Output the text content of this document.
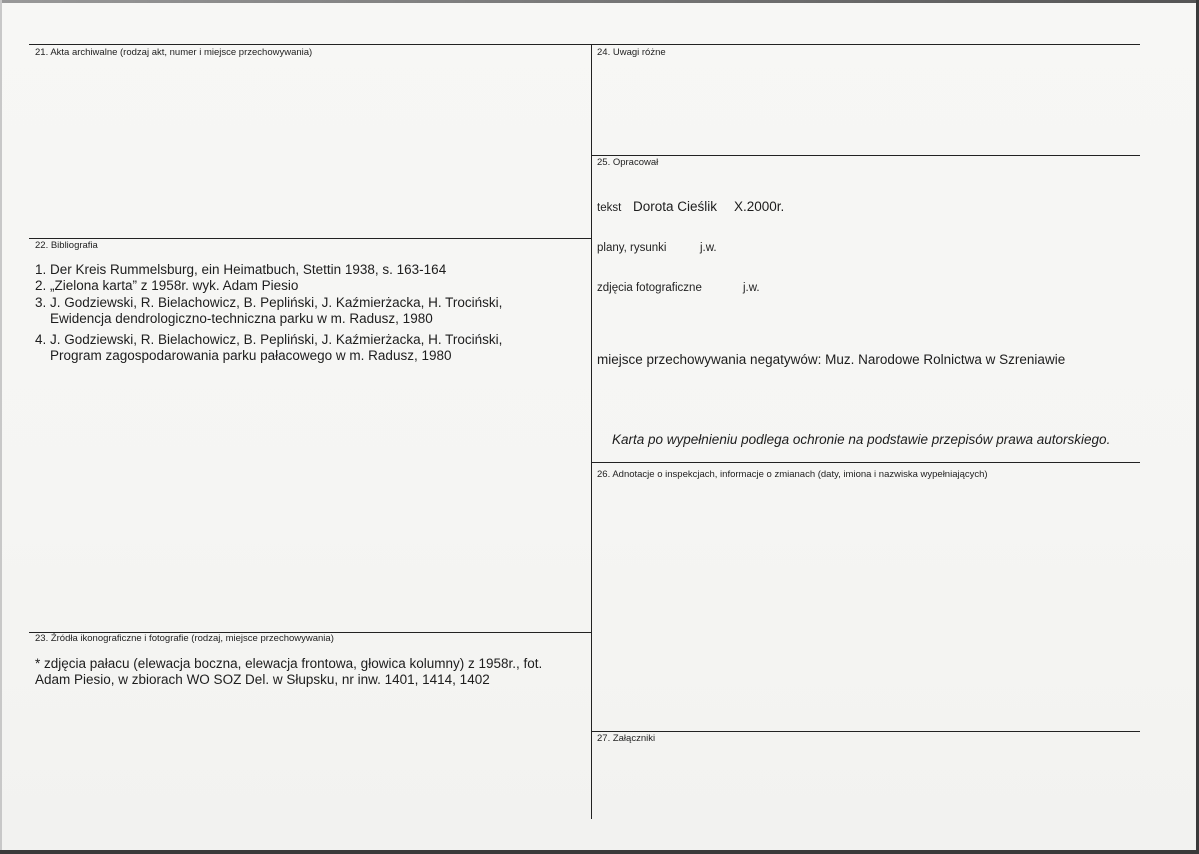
21. Akta archiwalne (rodzaj akt, numer i miejsce przechowywania)
22. Bibliografia
1. Der Kreis Rummelsburg, ein Heimatbuch, Stettin 1938, s. 163-164
2. „Zielona karta” z 1958r. wyk. Adam Piesio
3. J. Godziewski, R. Bielachowicz, B. Pepliński, J. Kaźmierżacka, H. Trociński,
Ewidencja dendrologiczno-techniczna parku w m. Radusz, 1980
4. J. Godziewski, R. Bielachowicz, B. Pepliński, J. Kaźmierżacka, H. Trociński,
Program zagospodarowania parku pałacowego w m. Radusz, 1980
23. Źródła ikonograficzne i fotografie (rodzaj, miejsce przechowywania)
* zdjęcia pałacu (elewacja boczna, elewacja frontowa, głowica kolumny) z 1958r., fot.
Adam Piesio, w zbiorach WO SOZ Del. w Słupsku, nr inw. 1401, 1414, 1402
24. Uwagi różne
25. Opracował
tekst Dorota Cieślik X.2000r.
plany, rysunki	j.w.
zdjęcia fotograficzne	j.w.
miejsce przechowywania negatywów: Muz. Narodowe Rolnictwa w Szreniawie
Karta po wypełnieniu podlega ochronie na podstawie przepisów prawa autorskiego.
26. Adnotacje o inspekcjach, informacje o zmianach (daty, imiona i nazwiska wypełniających)
27. Załączniki
